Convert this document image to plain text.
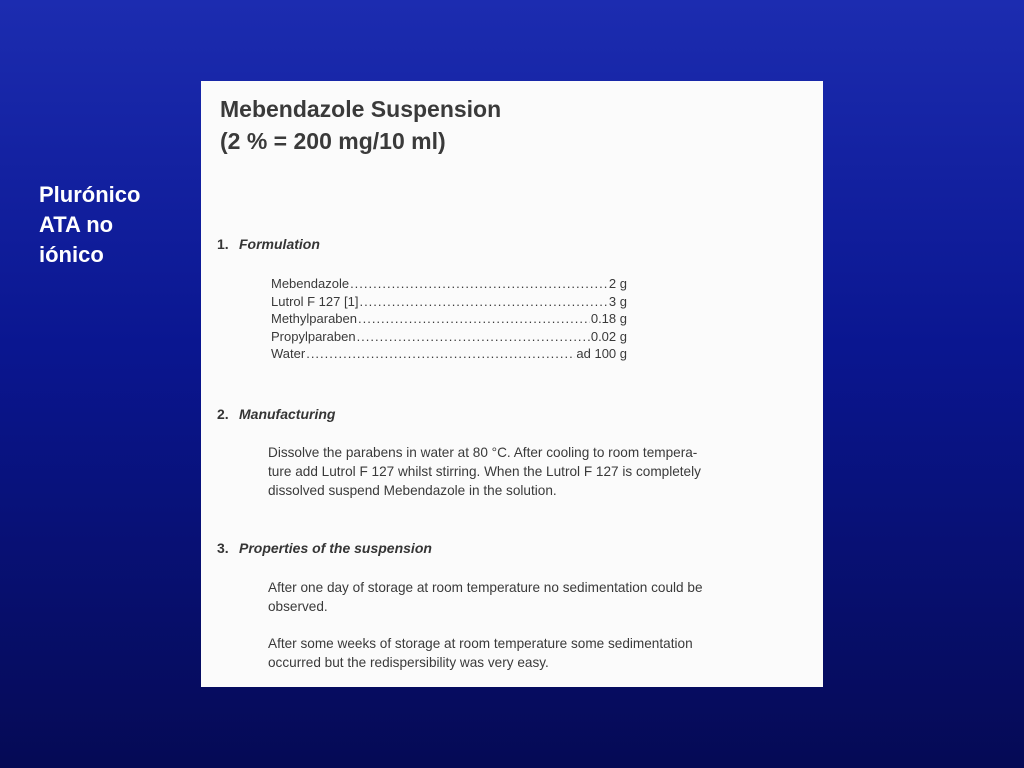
Plurónico
ATA no
iónico
Mebendazole Suspension
(2 % = 200 mg/10 ml)
1. Formulation
Mebendazole .....	2 g
Lutrol F 127 [1] .....	3 g
Methylparaben .....	0.18 g
Propylparaben .....	0.02 g
Water .....	ad 100 g
2. Manufacturing
Dissolve the parabens in water at 80 °C. After cooling to room tempera-
ture add Lutrol F 127 whilst stirring. When the Lutrol F 127 is completely
dissolved suspend Mebendazole in the solution.
3. Properties of the suspension
After one day of storage at room temperature no sedimentation could be
observed.
After some weeks of storage at room temperature some sedimentation
occurred but the redispersibility was very easy.
